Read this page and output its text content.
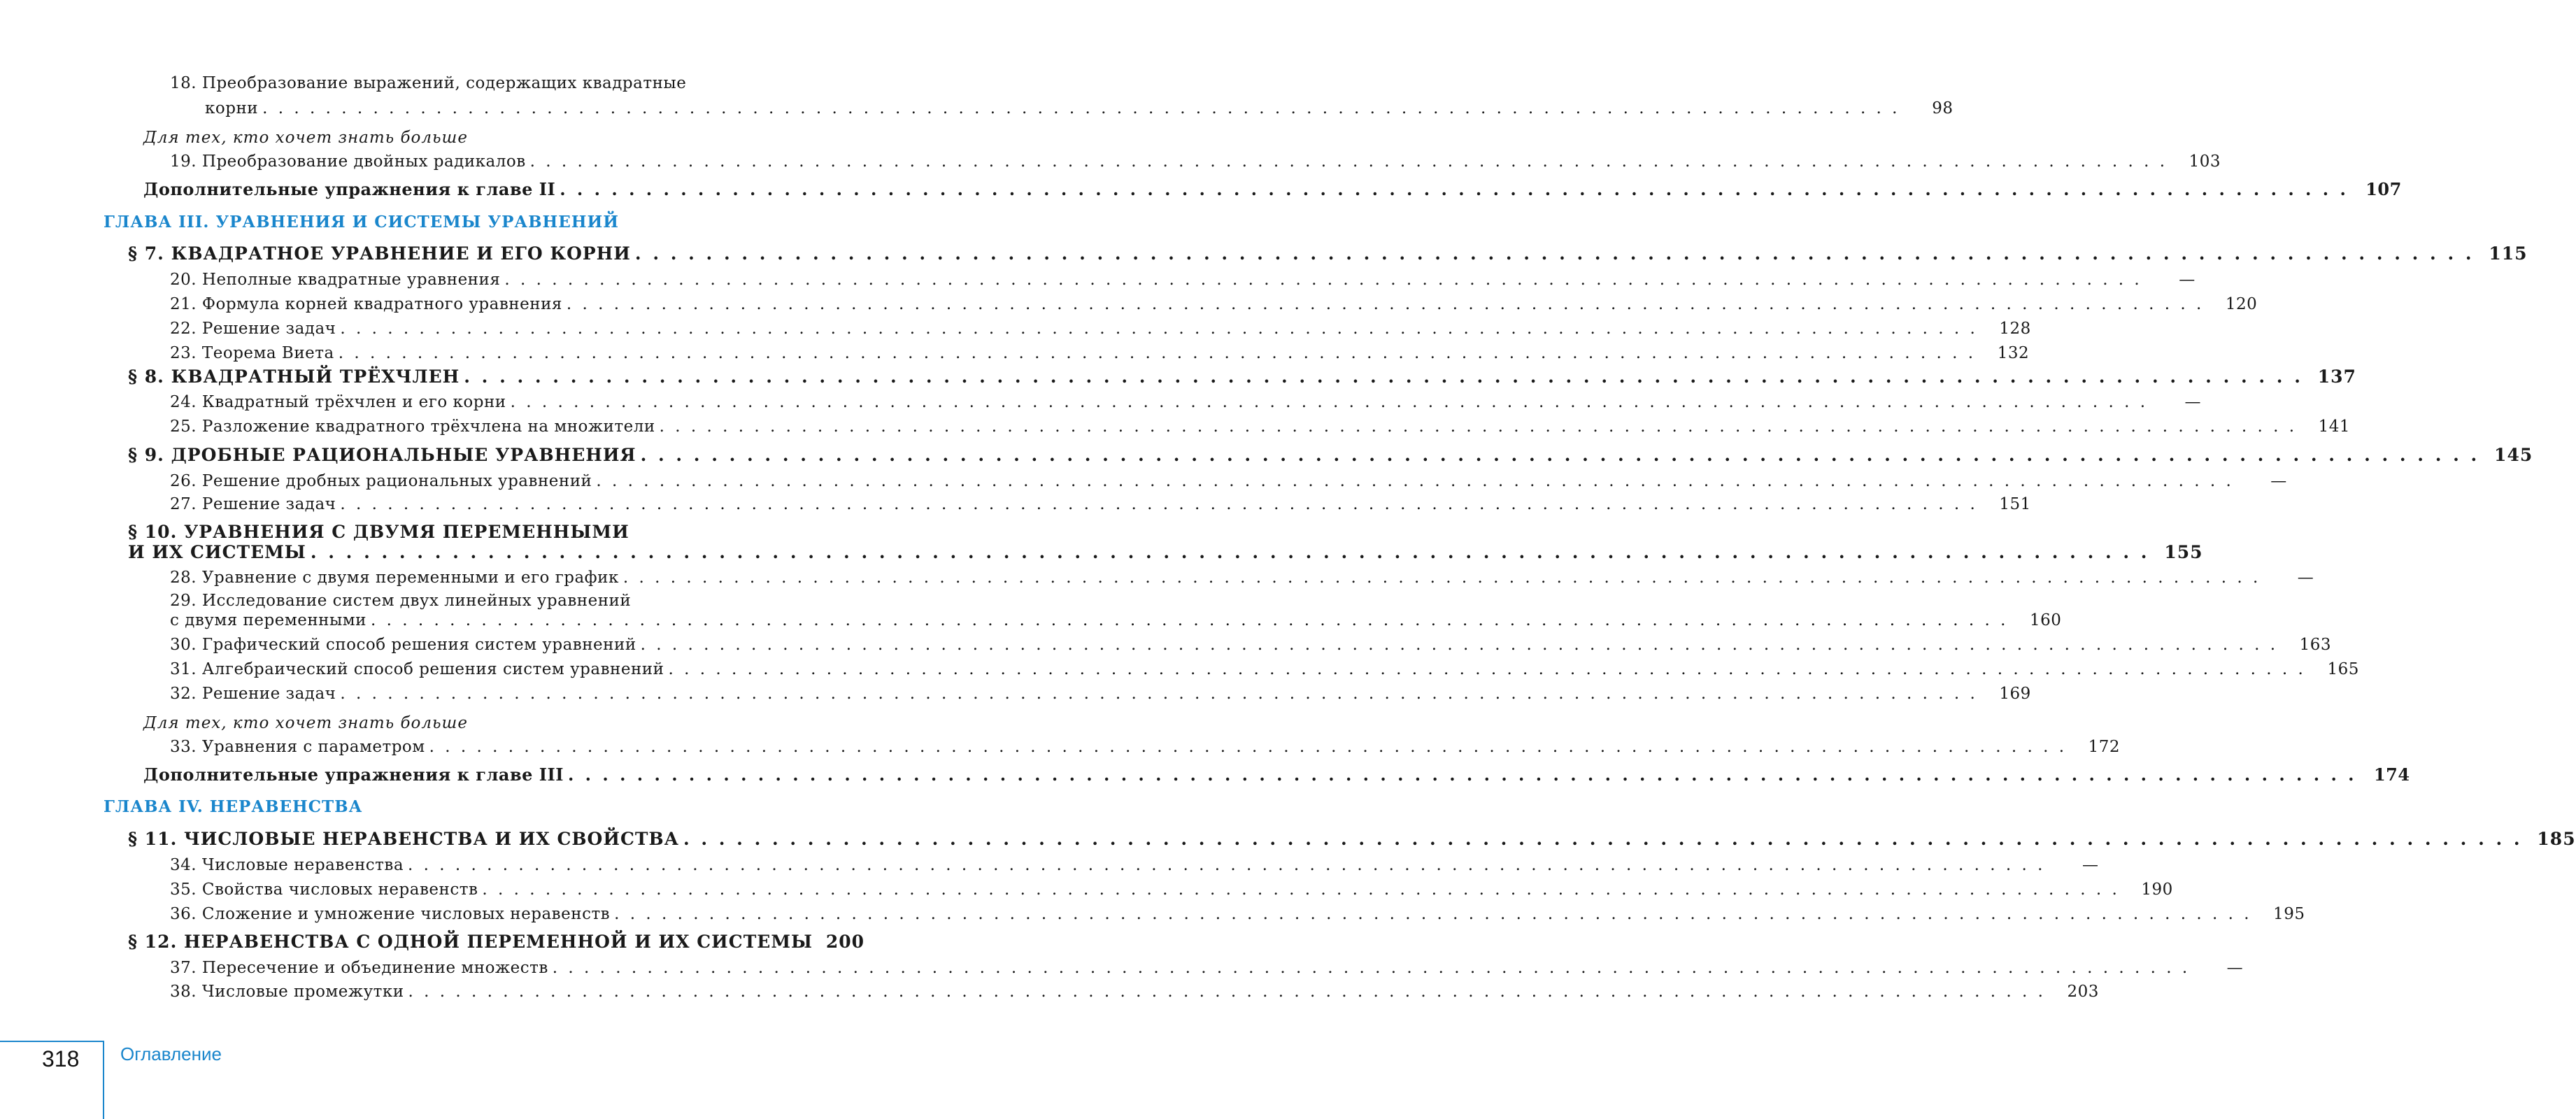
18. Преобразование выражений, содержащих квадратные
корни . . .	98
Для тех, кто хочет знать больше
19. Преобразование двойных радикалов . . .	103
Дополнительные упражнения к главе II . . .	107
ГЛАВА III. УРАВНЕНИЯ И СИСТЕМЫ УРАВНЕНИЙ
§ 7. КВАДРАТНОЕ УРАВНЕНИЕ И ЕГО КОРНИ . . .	115
20. Неполные квадратные уравнения . . .	—
21. Формула корней квадратного уравнения . . .	120
22. Решение задач . . .	128
23. Теорема Виета . . .	132
§ 8. КВАДРАТНЫЙ ТРЁХЧЛЕН . . .	137
24. Квадратный трёхчлен и его корни . . .	—
25. Разложение квадратного трёхчлена на множители . . .	141
§ 9. ДРОБНЫЕ РАЦИОНАЛЬНЫЕ УРАВНЕНИЯ . . .	145
26. Решение дробных рациональных уравнений . . .	—
27. Решение задач . . .	151
§ 10. УРАВНЕНИЯ С ДВУМЯ ПЕРЕМЕННЫМИ
И ИХ СИСТЕМЫ . . .	155
28. Уравнение с двумя переменными и его график . . .	—
29. Исследование систем двух линейных уравнений
с двумя переменными . . .	160
30. Графический способ решения систем уравнений . . .	163
31. Алгебраический способ решения систем уравнений . . .	165
32. Решение задач . . .	169
Для тех, кто хочет знать больше
33. Уравнения с параметром . . .	172
Дополнительные упражнения к главе III . . .	174
ГЛАВА IV. НЕРАВЕНСТВА
§ 11. ЧИСЛОВЫЕ НЕРАВЕНСТВА И ИХ СВОЙСТВА . . .	185
34. Числовые неравенства . . .	—
35. Свойства числовых неравенств . . .	190
36. Сложение и умножение числовых неравенств . . .	195
§ 12. НЕРАВЕНСТВА С ОДНОЙ ПЕРЕМЕННОЙ И ИХ СИСТЕМЫ 200
37. Пересечение и объединение множеств . . .	—
38. Числовые промежутки . . .	203
318 Оглавление
